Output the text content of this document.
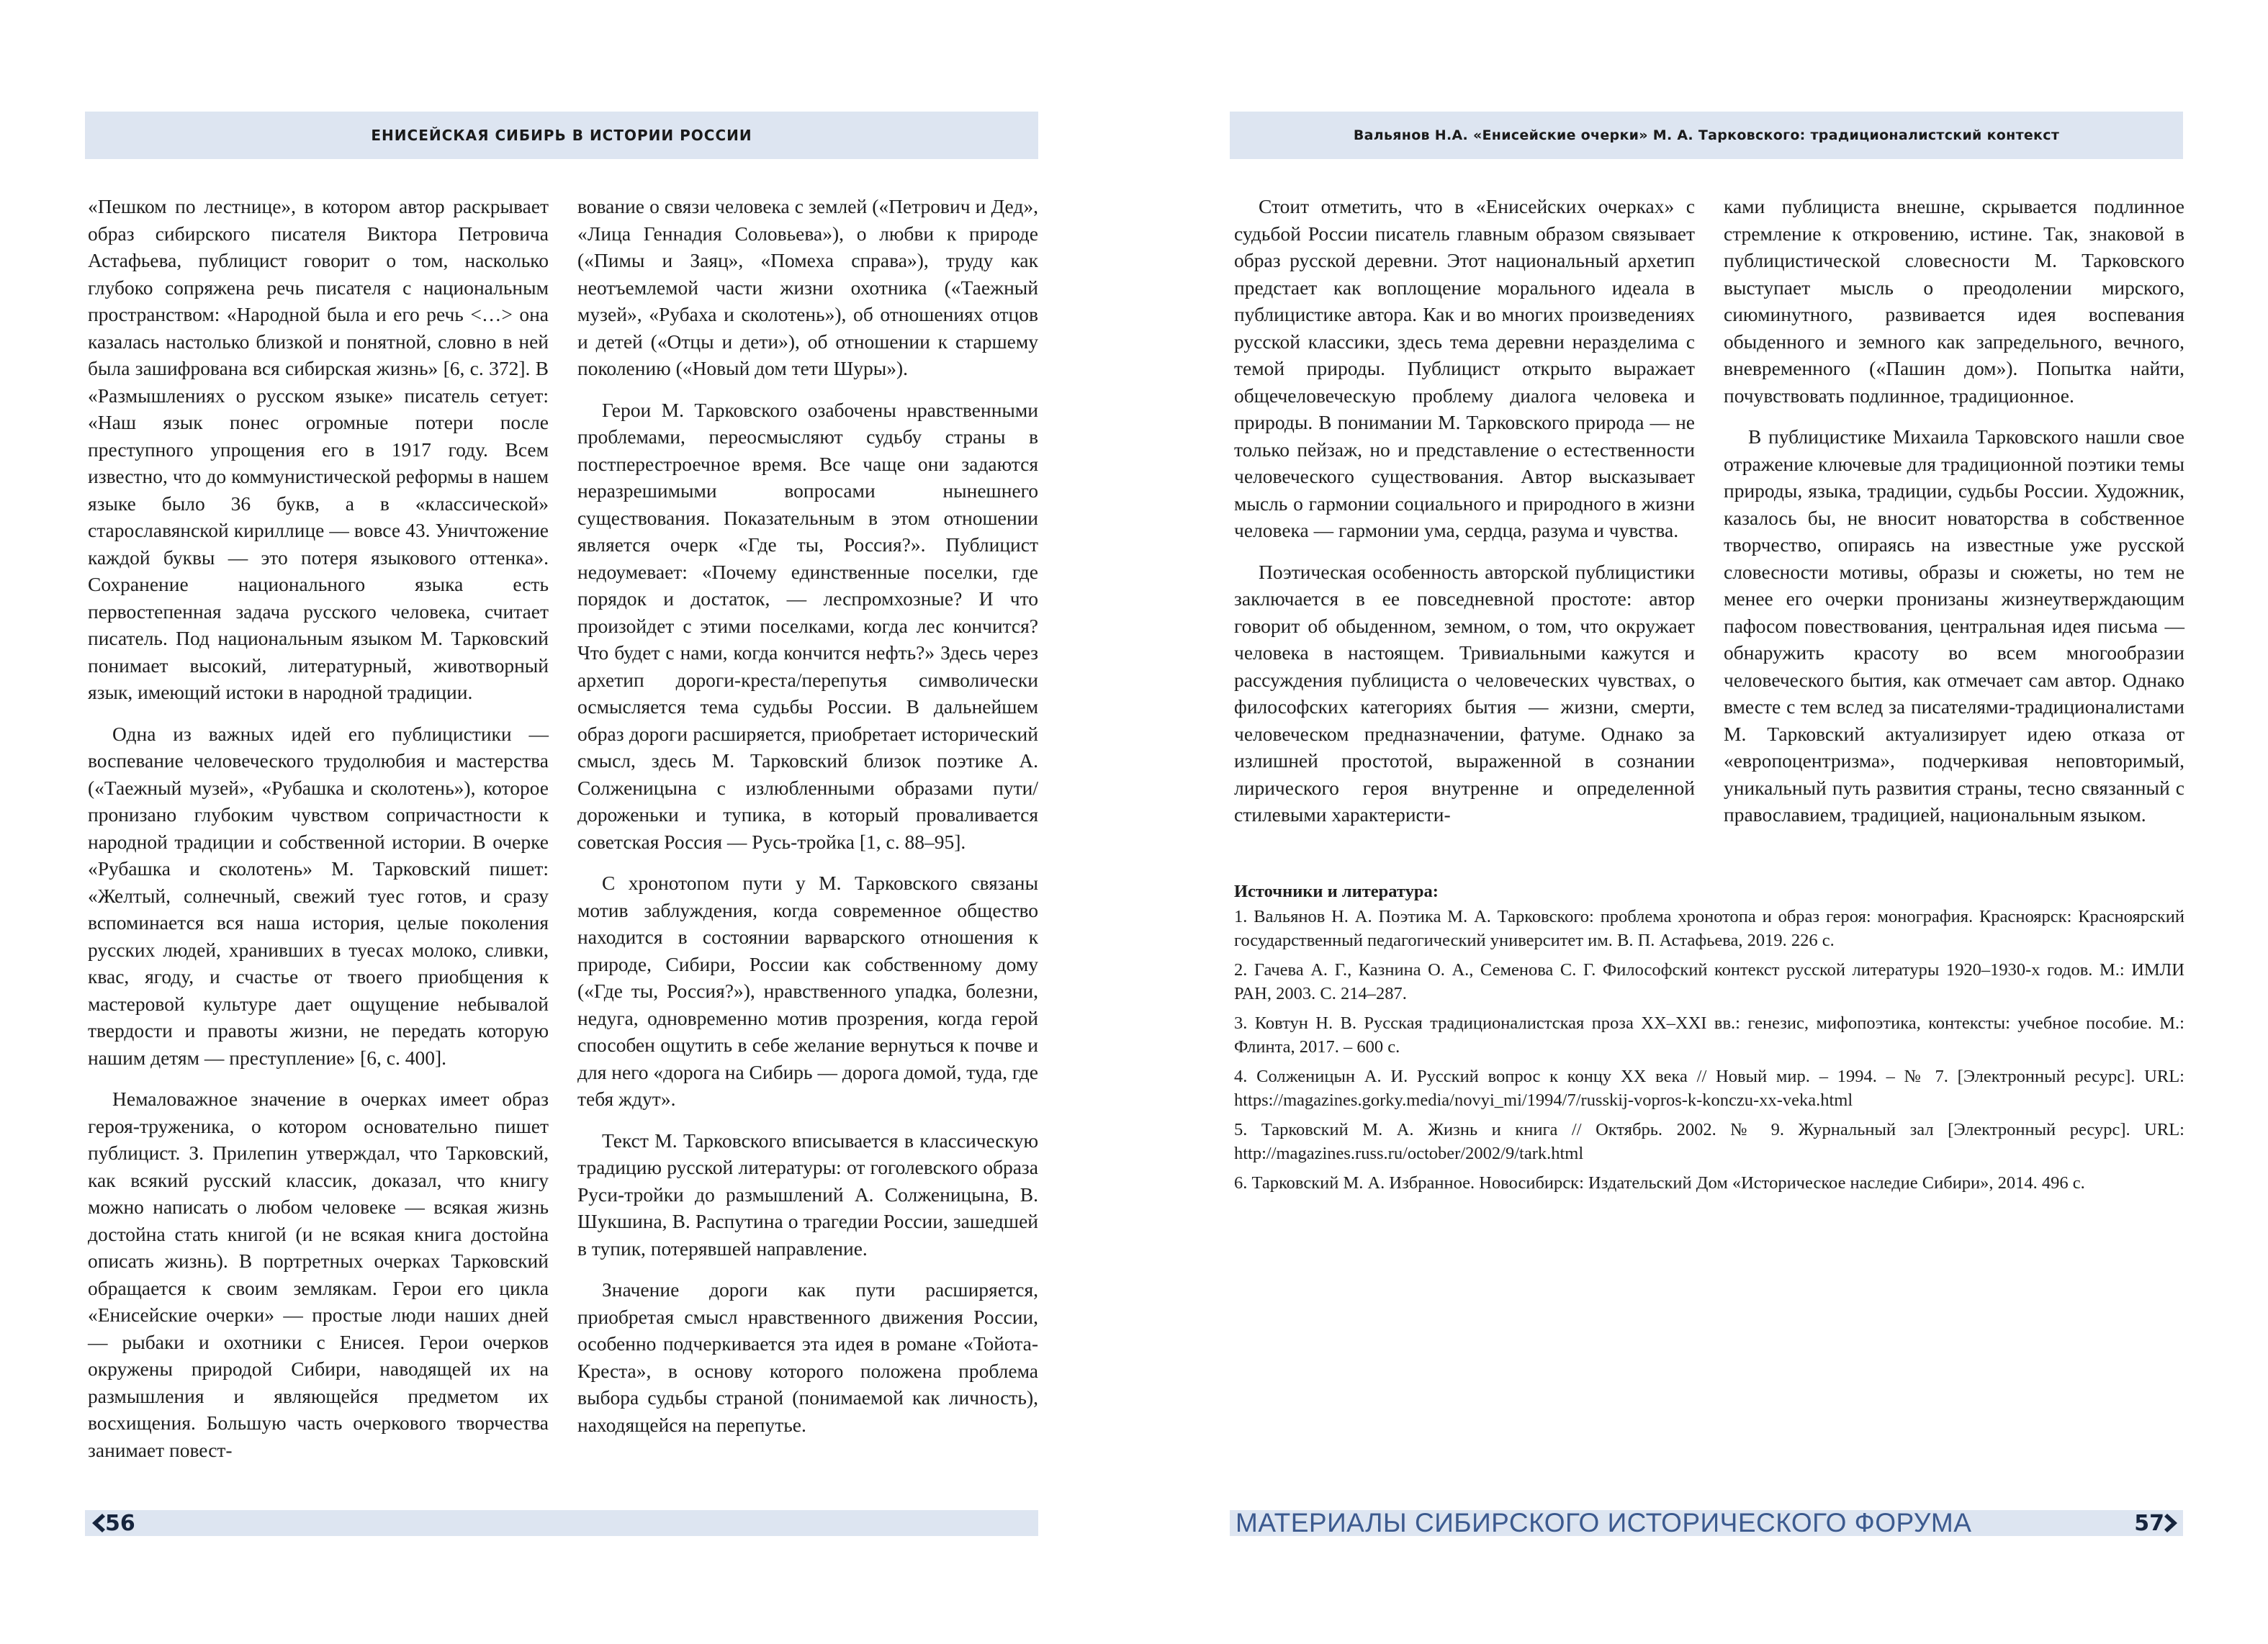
ЕНИСЕЙСКАЯ СИБИРЬ В ИСТОРИИ РОССИИ

«Пешком по лестнице», в котором автор раскрывает образ сибирского писателя Виктора Петровича Астафьева, публицист говорит о том, насколько глубоко сопряжена речь писателя с национальным пространством: «Народной была и его речь <…> она казалась настолько близкой и понятной, словно в ней была зашифрована вся сибирская жизнь» [6, с. 372]. В «Размышлениях о русском языке» писатель сетует: «Наш язык понес огромные потери после преступного упрощения его в 1917 году. Всем известно, что до коммунистической реформы в нашем языке было 36 букв, а в «классической» старославянской кириллице — вовсе 43. Уничтожение каждой буквы — это потеря языкового оттенка». Сохранение национального языка есть первостепенная задача русского человека, считает писатель. Под национальным языком М. Тарковский понимает высокий, литературный, животворный язык, имеющий истоки в народной традиции.

Одна из важных идей его публицистики — воспевание человеческого трудолюбия и мастерства («Таежный музей», «Рубашка и сколотень»), которое пронизано глубоким чувством сопричастности к народной традиции и собственной истории. В очерке «Рубашка и сколотень» М. Тарковский пишет: «Желтый, солнечный, свежий туес готов, и сразу вспоминается вся наша история, целые поколения русских людей, хранивших в туесах молоко, сливки, квас, ягоду, и счастье от твоего приобщения к мастеровой культуре дает ощущение небывалой твердости и правоты жизни, не передать которую нашим детям — преступление» [6, с. 400].

Немаловажное значение в очерках имеет образ героя-труженика, о котором основательно пишет публицист. З. Прилепин утверждал, что Тарковский, как всякий русский классик, доказал, что книгу можно написать о любом человеке — всякая жизнь достойна стать книгой (и не всякая книга достойна описать жизнь). В портретных очерках Тарковский обращается к своим землякам. Герои его цикла «Енисейские очерки» — простые люди наших дней — рыбаки и охотники с Енисея. Герои очерков окружены природой Сибири, наводящей их на размышления и являющейся предметом их восхищения. Большую часть очеркового творчества занимает повест-

вование о связи человека с землей («Петрович и Дед», «Лица Геннадия Соловьева»), о любви к природе («Пимы и Заяц», «Помеха справа»), труду как неотъемлемой части жизни охотника («Таежный музей», «Рубаха и сколотень»), об отношениях отцов и детей («Отцы и дети»), об отношении к старшему поколению («Новый дом тети Шуры»).

Герои М. Тарковского озабочены нравственными проблемами, переосмысляют судьбу страны в постперестроечное время. Все чаще они задаются неразрешимыми вопросами нынешнего существования. Показательным в этом отношении является очерк «Где ты, Россия?». Публицист недоумевает: «Почему единственные поселки, где порядок и достаток, — леспромхозные? И что произойдет с этими поселками, когда лес кончится? Что будет с нами, когда кончится нефть?» Здесь через архетип дороги-креста/перепутья символически осмысляется тема судьбы России. В дальнейшем образ дороги расширяется, приобретает исторический смысл, здесь М. Тарковский близок поэтике А. Солженицына с излюбленными образами пути/дороженьки и тупика, в который проваливается советская Россия — Русь-тройка [1, с. 88–95].

С хронотопом пути у М. Тарковского связаны мотив заблуждения, когда современное общество находится в состоянии варварского отношения к природе, Сибири, России как собственному дому («Где ты, Россия?»), нравственного упадка, болезни, недуга, одновременно мотив прозрения, когда герой способен ощутить в себе желание вернуться к почве и для него «дорога на Сибирь — дорога домой, туда, где тебя ждут».

Текст М. Тарковского вписывается в классическую традицию русской литературы: от гоголевского образа Руси-тройки до размышлений А. Солженицына, В. Шукшина, В. Распутина о трагедии России, зашедшей в тупик, потерявшей направление.

Значение дороги как пути расширяется, приобретая смысл нравственного движения России, особенно подчеркивается эта идея в романе «Тойота-Креста», в основу которого положена проблема выбора судьбы страной (понимаемой как личность), находящейся на перепутье.

56
Вальянов Н.А. «Енисейские очерки» М. А. Тарковского: традиционалистский контекст

Стоит отметить, что в «Енисейских очерках» с судьбой России писатель главным образом связывает образ русской деревни. Этот национальный архетип предстает как воплощение морального идеала в публицистике автора. Как и во многих произведениях русской классики, здесь тема деревни неразделима с темой природы. Публицист открыто выражает общечеловеческую проблему диалога человека и природы. В понимании М. Тарковского природа — не только пейзаж, но и представление о естественности человеческого существования. Автор высказывает мысль о гармонии социального и природного в жизни человека — гармонии ума, сердца, разума и чувства.

Поэтическая особенность авторской публицистики заключается в ее повседневной простоте: автор говорит об обыденном, земном, о том, что окружает человека в настоящем. Тривиальными кажутся и рассуждения публициста о человеческих чувствах, о философских категориях бытия — жизни, смерти, человеческом предназначении, фатуме. Однако за излишней простотой, выраженной в сознании лирического героя внутренне и определенной стилевыми характеристи-

ками публициста внешне, скрывается подлинное стремление к откровению, истине. Так, знаковой в публицистической словесности М. Тарковского выступает мысль о преодолении мирского, сиюминутного, развивается идея воспевания обыденного и земного как запредельного, вечного, вневременного («Пашин дом»). Попытка найти, почувствовать подлинное, традиционное.

В публицистике Михаила Тарковского нашли свое отражение ключевые для традиционной поэтики темы природы, языка, традиции, судьбы России. Художник, казалось бы, не вносит новаторства в собственное творчество, опираясь на известные уже русской словесности мотивы, образы и сюжеты, но тем не менее его очерки пронизаны жизнеутверждающим пафосом повествования, центральная идея письма — обнаружить красоту во всем многообразии человеческого бытия, как отмечает сам автор. Однако вместе с тем вслед за писателями-традиционалистами М. Тарковский актуализирует идею отказа от «европоцентризма», подчеркивая неповторимый, уникальный путь развития страны, тесно связанный с православием, традицией, национальным языком.

Источники и литература:
1. Вальянов Н. А. Поэтика М. А. Тарковского: проблема хронотопа и образ героя: монография. Красноярск: Красноярский государственный педагогический университет им. В. П. Астафьева, 2019. 226 с.
2. Гачева А. Г., Казнина О. А., Семенова С. Г. Философский контекст русской литературы 1920–1930-х годов. М.: ИМЛИ РАН, 2003. С. 214–287.
3. Ковтун Н. В. Русская традиционалистская проза XX–XXI вв.: генезис, мифопоэтика, контексты: учебное пособие. М.: Флинта, 2017. – 600 с.
4. Солженицын А. И. Русский вопрос к концу XX века // Новый мир. – 1994. – № 7. [Электронный ресурс]. URL: https://magazines.gorky.media/novyi_mi/1994/7/russkij-vopros-k-konczu-xx-veka.html
5. Тарковский М. А. Жизнь и книга // Октябрь. 2002. № 9. Журнальный зал [Электронный ресурс]. URL: http://magazines.russ.ru/october/2002/9/tark.html
6. Тарковский М. А. Избранное. Новосибирск: Издательский Дом «Историческое наследие Сибири», 2014. 496 с.
МАТЕРИАЛЫ СИБИРСКОГО ИСТОРИЧЕСКОГО ФОРУМА	57
